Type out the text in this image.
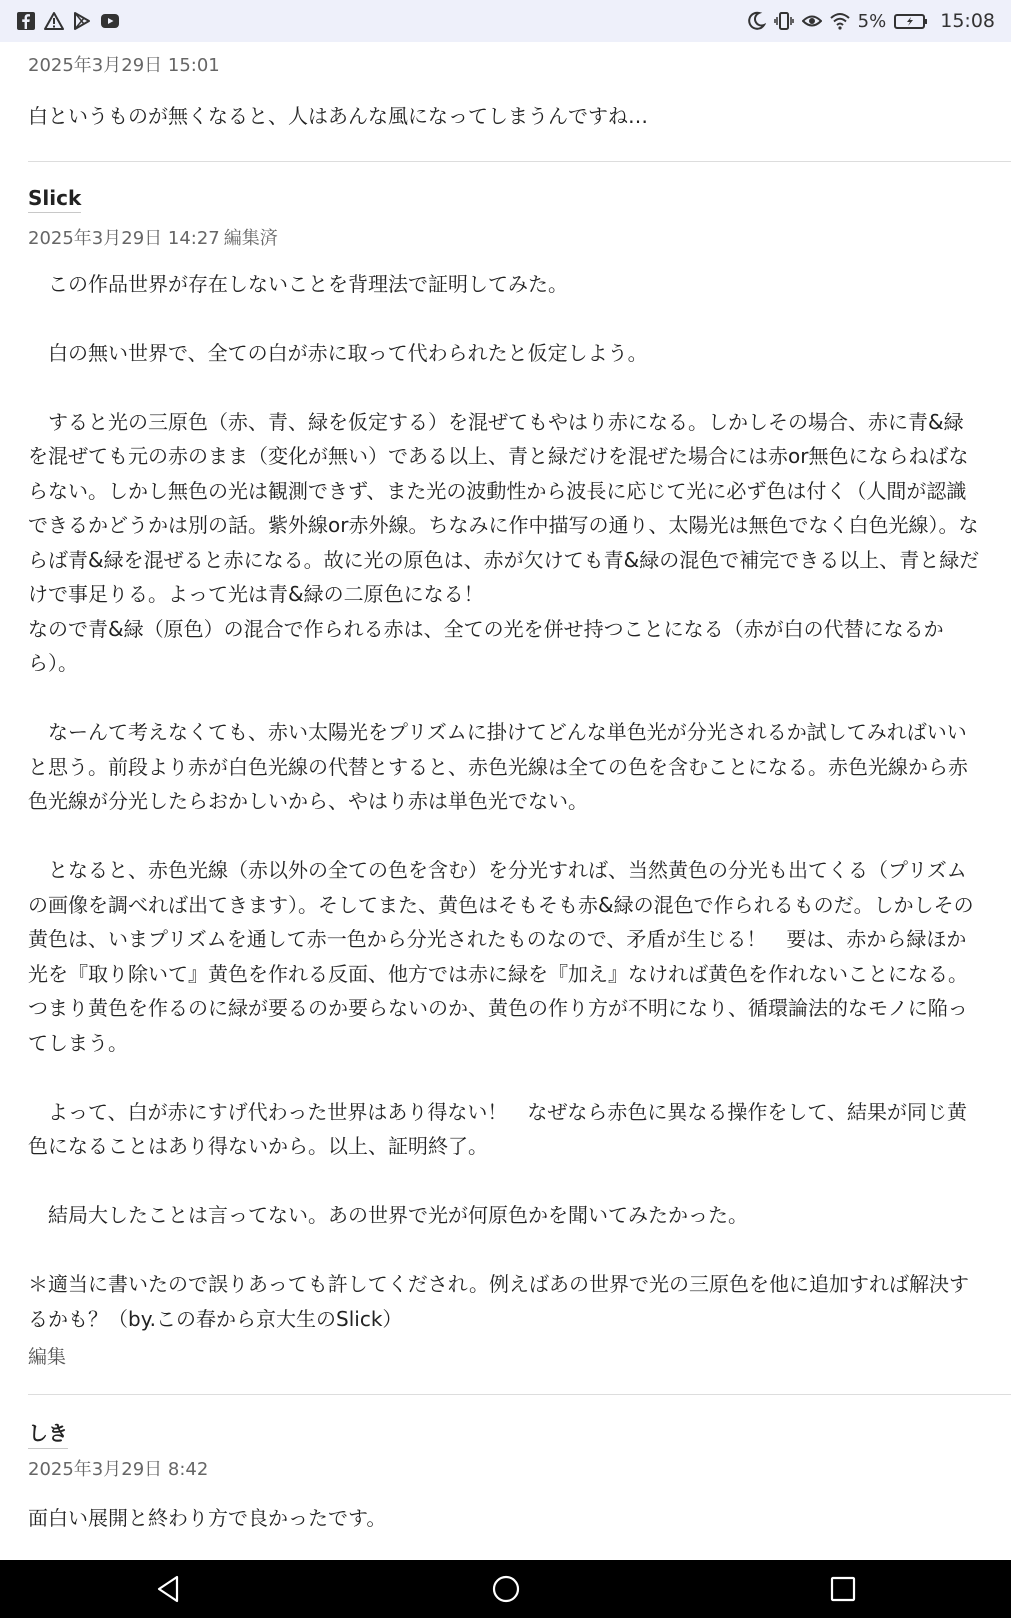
5%	15:08
2025年3月29日 15:01
白というものが無くなると、人はあんな風になってしまうんですね…
Slick
2025年3月29日 14:27 編集済
　この作品世界が存在しないことを背理法で証明してみた。

　白の無い世界で、全ての白が赤に取って代わられたと仮定しよう。

　すると光の三原色（赤、青、緑を仮定する）を混ぜてもやはり赤になる。しかしその場合、赤に青&緑を混ぜても元の赤のまま（変化が無い）である以上、青と緑だけを混ぜた場合には赤or無色にならねばならない。しかし無色の光は観測できず、また光の波動性から波長に応じて光に必ず色は付く（人間が認識できるかどうかは別の話。紫外線or赤外線。ちなみに作中描写の通り、太陽光は無色でなく白色光線）。ならば青&緑を混ぜると赤になる。故に光の原色は、赤が欠けても青&緑の混色で補完できる以上、青と緑だけで事足りる。よって光は青&緑の二原色になる！
なので青&緑（原色）の混合で作られる赤は、全ての光を併せ持つことになる（赤が白の代替になるから）。

　なーんて考えなくても、赤い太陽光をプリズムに掛けてどんな単色光が分光されるか試してみればいいと思う。前段より赤が白色光線の代替とすると、赤色光線は全ての色を含むことになる。赤色光線から赤色光線が分光したらおかしいから、やはり赤は単色光でない。

　となると、赤色光線（赤以外の全ての色を含む）を分光すれば、当然黄色の分光も出てくる（プリズムの画像を調べれば出てきます）。そしてまた、黄色はそもそも赤&緑の混色で作られるものだ。しかしその黄色は、いまプリズムを通して赤一色から分光されたものなので、矛盾が生じる！　要は、赤から緑ほか光を『取り除いて』黄色を作れる反面、他方では赤に緑を『加え』なければ黄色を作れないことになる。つまり黄色を作るのに緑が要るのか要らないのか、黄色の作り方が不明になり、循環論法的なモノに陥ってしまう。

　よって、白が赤にすげ代わった世界はあり得ない！　なぜなら赤色に異なる操作をして、結果が同じ黄色になることはあり得ないから。以上、証明終了。

　結局大したことは言ってない。あの世界で光が何原色かを聞いてみたかった。

＊適当に書いたので誤りあっても許してくだされ。例えばあの世界で光の三原色を他に追加すれば解決するかも？（by.この春から京大生のSlick）
編集
しき
2025年3月29日 8:42
面白い展開と終わり方で良かったです。
